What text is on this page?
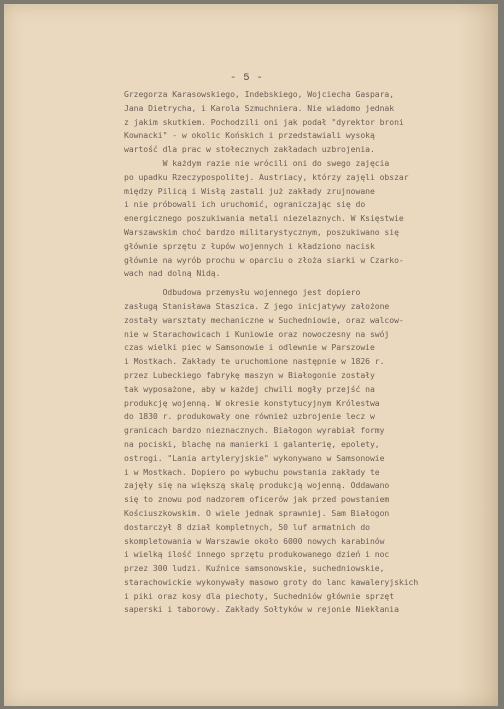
- 5 -
Grzegorza Karasowskiego, Indebskiego, Wojciecha Gaspara,
Jana Dietrycha, i Karola Szmuchniera. Nie wiadomo jednak
z jakim skutkiem. Pochodzili oni jak podał "dyrektor broni
Kownacki" - w okolic Końskich i przedstawiali wysoką
wartość dla prac w stołecznych zakładach uzbrojenia.
W każdym razie nie wrócili oni do swego zajęcia
po upadku Rzeczypospolitej. Austriacy, którzy zajęli obszar
między Pilicą i Wisłą zastali już zakłady zrujnowane
i nie próbowali ich uruchomić, ograniczając się do
energicznego poszukiwania metali niezelaznych. W Księstwie
Warszawskim choć bardzo militarystycznym, poszukiwano się
głównie sprzętu z łupów wojennych i kładziono nacisk
głównie na wyrób prochu w oparciu o złoża siarki w Czarko-
wach nad dolną Nidą.
Odbudowa przemysłu wojennego jest dopiero
zasługą Stanisława Staszica. Z jego inicjatywy założone
zostały warsztaty mechaniczne w Suchedniowie, oraz walcow-
nie w Starachowicach i Kuniowie oraz nowoczesny na swój
czas wielki piec w Samsonowie i odlewnie w Parszowie
i Mostkach. Zakłady te uruchomione następnie w 1826 r.
przez Lubeckiego fabrykę maszyn w Białogonie zostały
tak wyposażone, aby w każdej chwili mogły przejść na
produkcję wojenną. W okresie konstytucyjnym Królestwa
do 1830 r. produkowały one również uzbrojenie lecz w
granicach bardzo nieznacznych. Białogon wyrabiał formy
na pociski, blachę na manierki i galanterię, epolety,
ostrogi. "Lania artyleryjskie" wykonywano w Samsonowie
i w Mostkach. Dopiero po wybuchu powstania zakłady te
zajęły się na większą skalę produkcją wojenną. Oddawano
się to znowu pod nadzorem oficerów jak przed powstaniem
Kościuszkowskim. O wiele jednak sprawniej. Sam Białogon
dostarczył 8 dział kompletnych, 50 luf armatnich do
skompletowania w Warszawie około 6000 nowych karabinów
i wielką ilość innego sprzętu produkowanego dzień i noc
przez 300 ludzi. Kuźnice samsonowskie, suchedniowskie,
starachowickie wykonywały masowo groty do lanc kawaleryjskich
i piki oraz kosy dla piechoty, Suchedniów głównie sprzęt
saperski i taborowy. Zakłady Sołtyków w rejonie Niekłania
